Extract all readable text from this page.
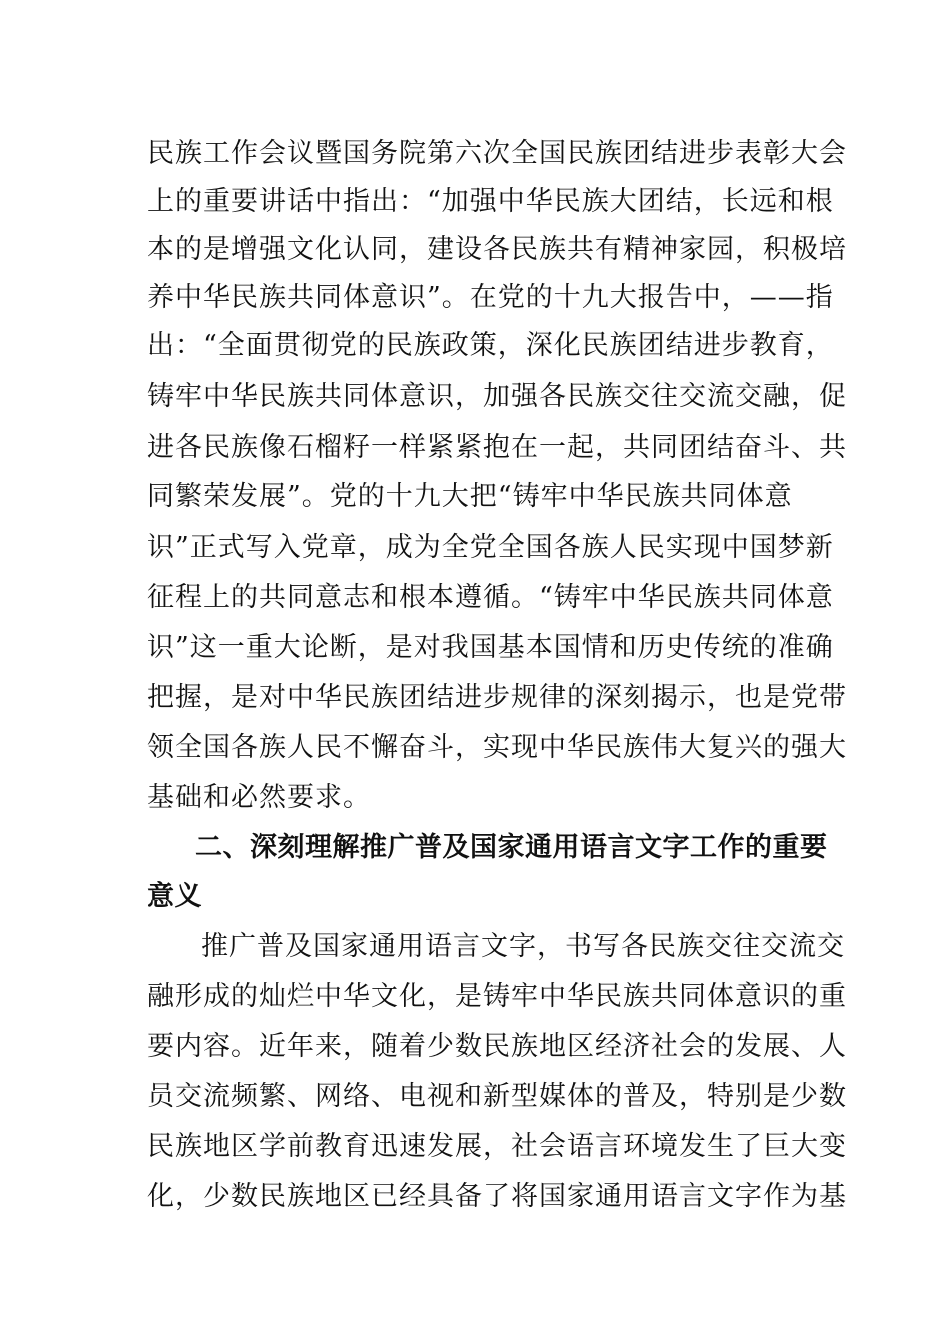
民族工作会议暨国务院第六次全国民族团结进步表彰大会
上的重要讲话中指出：“加强中华民族大团结，长远和根
本的是增强文化认同，建设各民族共有精神家园，积极培
养中华民族共同体意识”。在党的十九大报告中，——指
出：“全面贯彻党的民族政策，深化民族团结进步教育，
铸牢中华民族共同体意识，加强各民族交往交流交融，促
进各民族像石榴籽一样紧紧抱在一起，共同团结奋斗、共
同繁荣发展”。党的十九大把“铸牢中华民族共同体意
识”正式写入党章，成为全党全国各族人民实现中国梦新
征程上的共同意志和根本遵循。“铸牢中华民族共同体意
识”这一重大论断，是对我国基本国情和历史传统的准确
把握，是对中华民族团结进步规律的深刻揭示，也是党带
领全国各族人民不懈奋斗，实现中华民族伟大复兴的强大
基础和必然要求。
二、深刻理解推广普及国家通用语言文字工作的重要
意义
推广普及国家通用语言文字，书写各民族交往交流交
融形成的灿烂中华文化，是铸牢中华民族共同体意识的重
要内容。近年来，随着少数民族地区经济社会的发展、人
员交流频繁、网络、电视和新型媒体的普及，特别是少数
民族地区学前教育迅速发展，社会语言环境发生了巨大变
化，少数民族地区已经具备了将国家通用语言文字作为基
